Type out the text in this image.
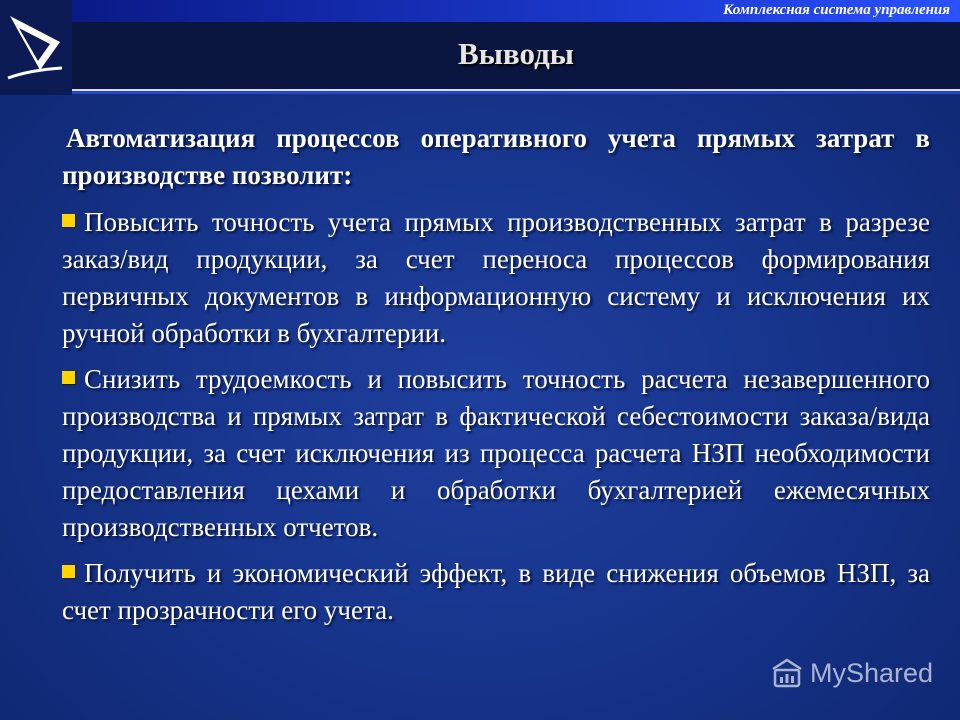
Комплексная система управления
Выводы

Автоматизация процессов оперативного учета прямых затрат в производстве позволит:

Повысить точность учета прямых производственных затрат в разрезе заказ/вид продукции, за счет переноса процессов формирования первичных документов в информационную систему и исключения их ручной обработки в бухгалтерии.

Снизить трудоемкость и повысить точность расчета незавершенного производства и прямых затрат в фактической себестоимости заказа/вида продукции, за счет исключения из процесса расчета НЗП необходимости предоставления цехами и обработки бухгалтерией ежемесячных производственных отчетов.

Получить и экономический эффект, в виде снижения объемов НЗП, за счет прозрачности его учета.

MyShared
